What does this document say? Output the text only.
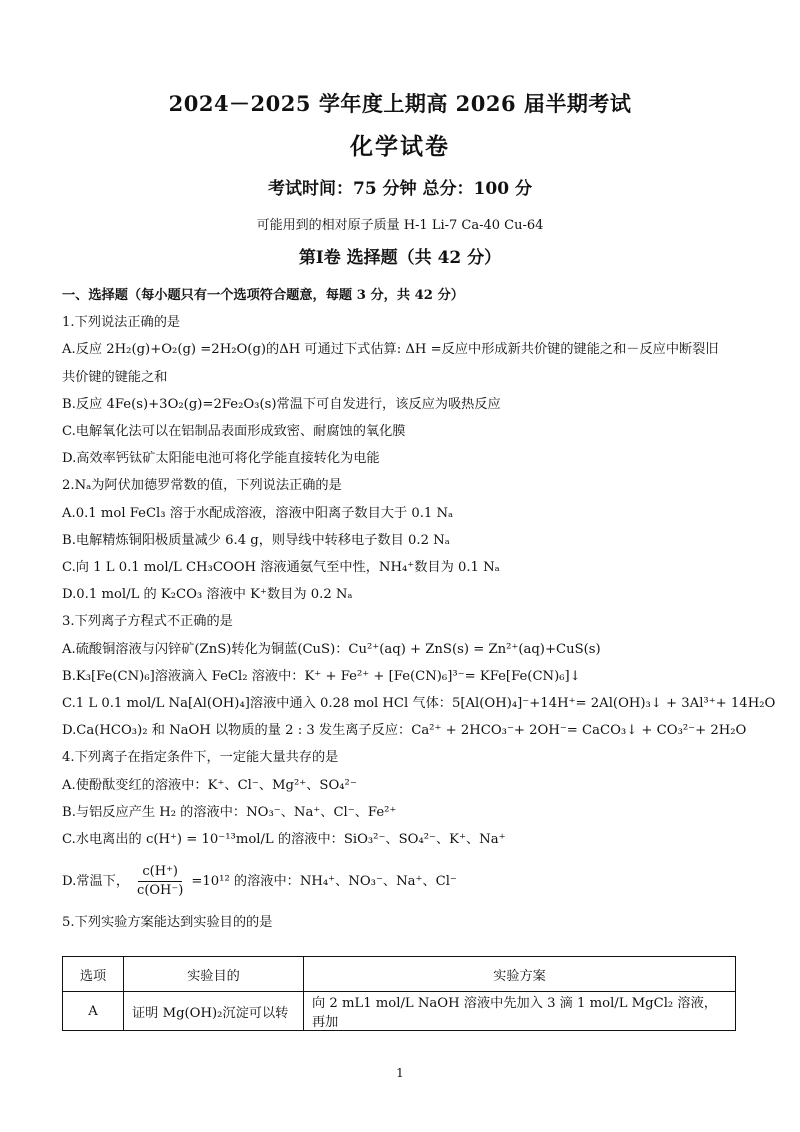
2024－2025 学年度上期高 2026 届半期考试
化学试卷
考试时间：75 分钟 总分：100 分
可能用到的相对原子质量 H-1 Li-7 Ca-40 Cu-64
第I卷 选择题（共 42 分）
一、选择题（每小题只有一个选项符合题意，每题 3 分，共 42 分）
1.下列说法正确的是
A.反应 2H₂(g)+O₂(g) =2H₂O(g)的ΔH 可通过下式估算: ΔH =反应中形成新共价键的键能之和－反应中断裂旧
共价键的键能之和
B.反应 4Fe(s)+3O₂(g)=2Fe₂O₃(s)常温下可自发进行，该反应为吸热反应
C.电解氧化法可以在铝制品表面形成致密、耐腐蚀的氧化膜
D.高效率钙钛矿太阳能电池可将化学能直接转化为电能
2.Nₐ为阿伏加德罗常数的值，下列说法正确的是
A.0.1 mol FeCl₃ 溶于水配成溶液，溶液中阳离子数目大于 0.1 Nₐ
B.电解精炼铜阳极质量减少 6.4 g，则导线中转移电子数目 0.2 Nₐ
C.向 1 L 0.1 mol/L CH₃COOH 溶液通氨气至中性，NH₄⁺数目为 0.1 Nₐ
D.0.1 mol/L 的 K₂CO₃ 溶液中 K⁺数目为 0.2 Nₐ
3.下列离子方程式不正确的是
A.硫酸铜溶液与闪锌矿(ZnS)转化为铜蓝(CuS)：Cu²⁺(aq) + ZnS(s) = Zn²⁺(aq)+CuS(s)
B.K₃[Fe(CN)₆]溶液滴入 FeCl₂ 溶液中：K⁺ + Fe²⁺ + [Fe(CN)₆]³⁻= KFe[Fe(CN)₆]↓
C.1 L 0.1 mol/L Na[Al(OH)₄]溶液中通入 0.28 mol HCl 气体：5[Al(OH)₄]⁻+14H⁺= 2Al(OH)₃↓ + 3Al³⁺+ 14H₂O
D.Ca(HCO₃)₂ 和 NaOH 以物质的量 2 : 3 发生离子反应：Ca²⁺ + 2HCO₃⁻+ 2OH⁻= CaCO₃↓ + CO₃²⁻+ 2H₂O
4.下列离子在指定条件下，一定能大量共存的是
A.使酚酞变红的溶液中：K⁺、Cl⁻、Mg²⁺、SO₄²⁻
B.与铝反应产生 H₂ 的溶液中：NO₃⁻、Na⁺、Cl⁻、Fe²⁺
C.水电离出的 c(H⁺) = 10⁻¹³mol/L 的溶液中：SiO₃²⁻、SO₄²⁻、K⁺、Na⁺
D.常温下， $\frac{c(H^+)}{c(OH^-)} =10^{12}$ 的溶液中：NH₄⁺、NO₃⁻、Na⁺、Cl⁻
5.下列实验方案能达到实验目的的是
选项	实验目的	实验方案
A	证明 Mg(OH)₂沉淀可以转	向 2 mL1 mol/L NaOH 溶液中先加入 3 滴 1 mol/L MgCl₂ 溶液，再加
1
